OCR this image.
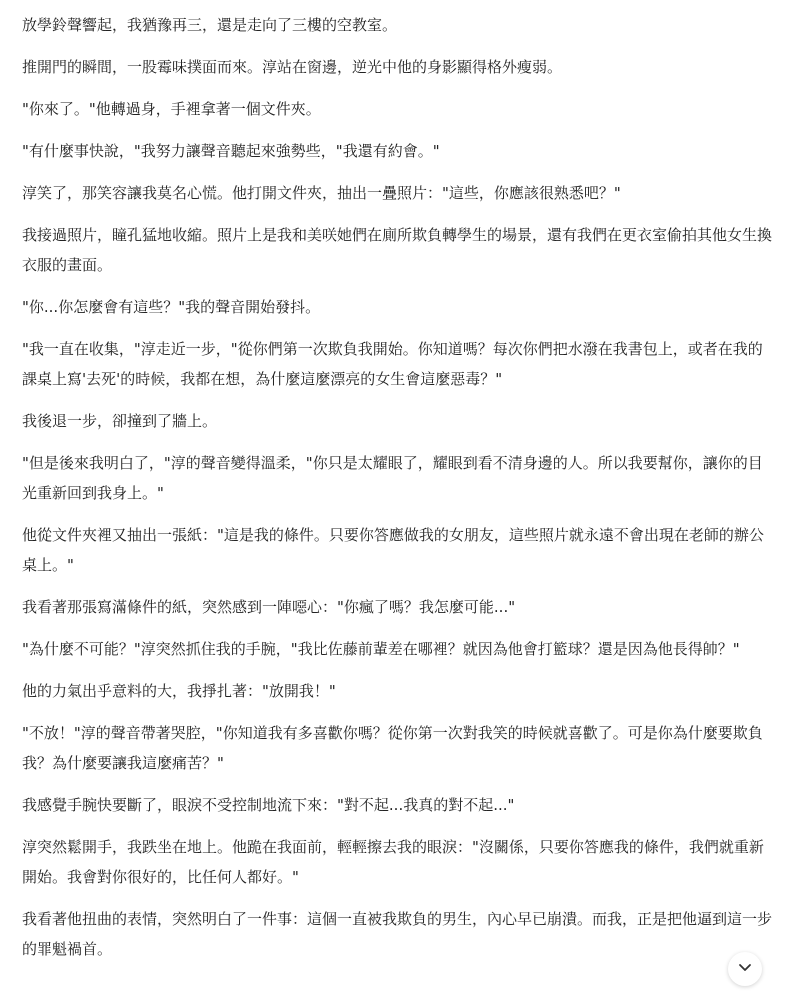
放學鈴聲響起，我猶豫再三，還是走向了三樓的空教室。

推開門的瞬間，一股霉味撲面而來。淳站在窗邊，逆光中他的身影顯得格外瘦弱。

"你來了。"他轉過身，手裡拿著一個文件夾。

"有什麼事快說，"我努力讓聲音聽起來強勢些，"我還有約會。"

淳笑了，那笑容讓我莫名心慌。他打開文件夾，抽出一疊照片："這些，你應該很熟悉吧？"

我接過照片，瞳孔猛地收縮。照片上是我和美咲她們在廁所欺負轉學生的場景，還有我們在更衣室偷拍其他女生換衣服的畫面。

"你...你怎麼會有這些？"我的聲音開始發抖。

"我一直在收集，"淳走近一步，"從你們第一次欺負我開始。你知道嗎？每次你們把水潑在我書包上，或者在我的課桌上寫'去死'的時候，我都在想，為什麼這麼漂亮的女生會這麼惡毒？"

我後退一步，卻撞到了牆上。

"但是後來我明白了，"淳的聲音變得溫柔，"你只是太耀眼了，耀眼到看不清身邊的人。所以我要幫你，讓你的目光重新回到我身上。"

他從文件夾裡又抽出一張紙："這是我的條件。只要你答應做我的女朋友，這些照片就永遠不會出現在老師的辦公桌上。"

我看著那張寫滿條件的紙，突然感到一陣噁心："你瘋了嗎？我怎麼可能..."

"為什麼不可能？"淳突然抓住我的手腕，"我比佐藤前輩差在哪裡？就因為他會打籃球？還是因為他長得帥？"

他的力氣出乎意料的大，我掙扎著："放開我！"

"不放！"淳的聲音帶著哭腔，"你知道我有多喜歡你嗎？從你第一次對我笑的時候就喜歡了。可是你為什麼要欺負我？為什麼要讓我這麼痛苦？"

我感覺手腕快要斷了，眼淚不受控制地流下來："對不起...我真的對不起..."

淳突然鬆開手，我跌坐在地上。他跪在我面前，輕輕擦去我的眼淚："沒關係，只要你答應我的條件，我們就重新開始。我會對你很好的，比任何人都好。"

我看著他扭曲的表情，突然明白了一件事：這個一直被我欺負的男生，內心早已崩潰。而我，正是把他逼到這一步的罪魁禍首。
